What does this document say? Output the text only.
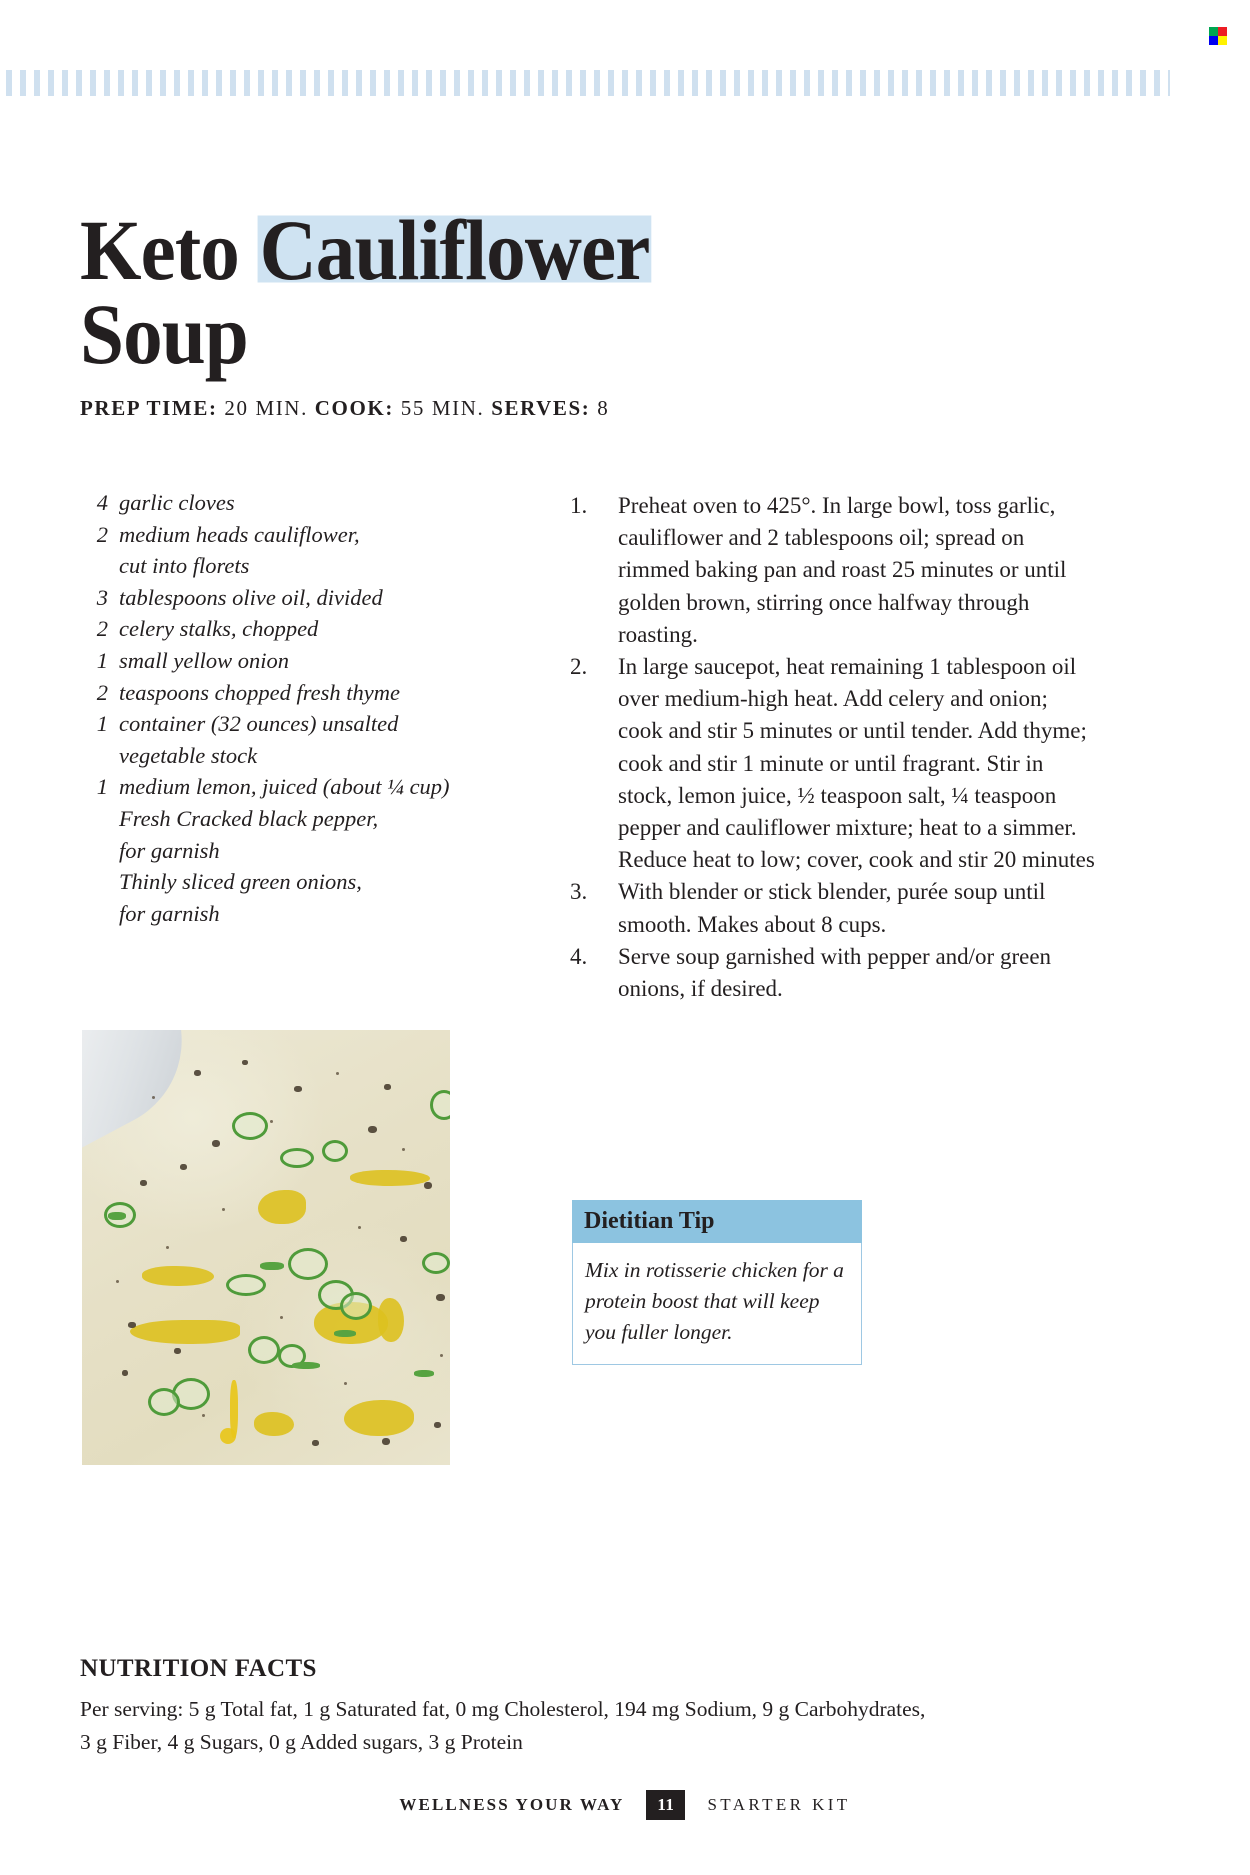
Keto Cauliflower
Soup
PREP TIME: 20 MIN. COOK: 55 MIN. SERVES: 8
4 garlic cloves
2 medium heads cauliflower,
cut into florets
3 tablespoons olive oil, divided
2 celery stalks, chopped
1 small yellow onion
2 teaspoons chopped fresh thyme
1 container (32 ounces) unsalted
vegetable stock
1 medium lemon, juiced (about ¼ cup)
Fresh Cracked black pepper,
for garnish
Thinly sliced green onions,
for garnish
1.	Preheat oven to 425°. In large bowl, toss garlic, cauliflower and 2 tablespoons oil; spread on rimmed baking pan and roast 25 minutes or until golden brown, stirring once halfway through roasting.
2.	In large saucepot, heat remaining 1 tablespoon oil over medium-high heat. Add celery and onion; cook and stir 5 minutes or until tender. Add thyme; cook and stir 1 minute or until fragrant. Stir in stock, lemon juice, ½ teaspoon salt, ¼ teaspoon pepper and cauliflower mixture; heat to a simmer. Reduce heat to low; cover, cook and stir 20 minutes
3.	With blender or stick blender, purée soup until smooth. Makes about 8 cups.
4.	Serve soup garnished with pepper and/or green onions, if desired.
Dietitian Tip
Mix in rotisserie chicken for a protein boost that will keep you fuller longer.
NUTRITION FACTS

Per serving: 5 g Total fat, 1 g Saturated fat, 0 mg Cholesterol, 194 mg Sodium, 9 g Carbohydrates,

3 g Fiber, 4 g Sugars, 0 g Added sugars, 3 g Protein

WELLNESS YOUR WAY	11	STARTER KIT
